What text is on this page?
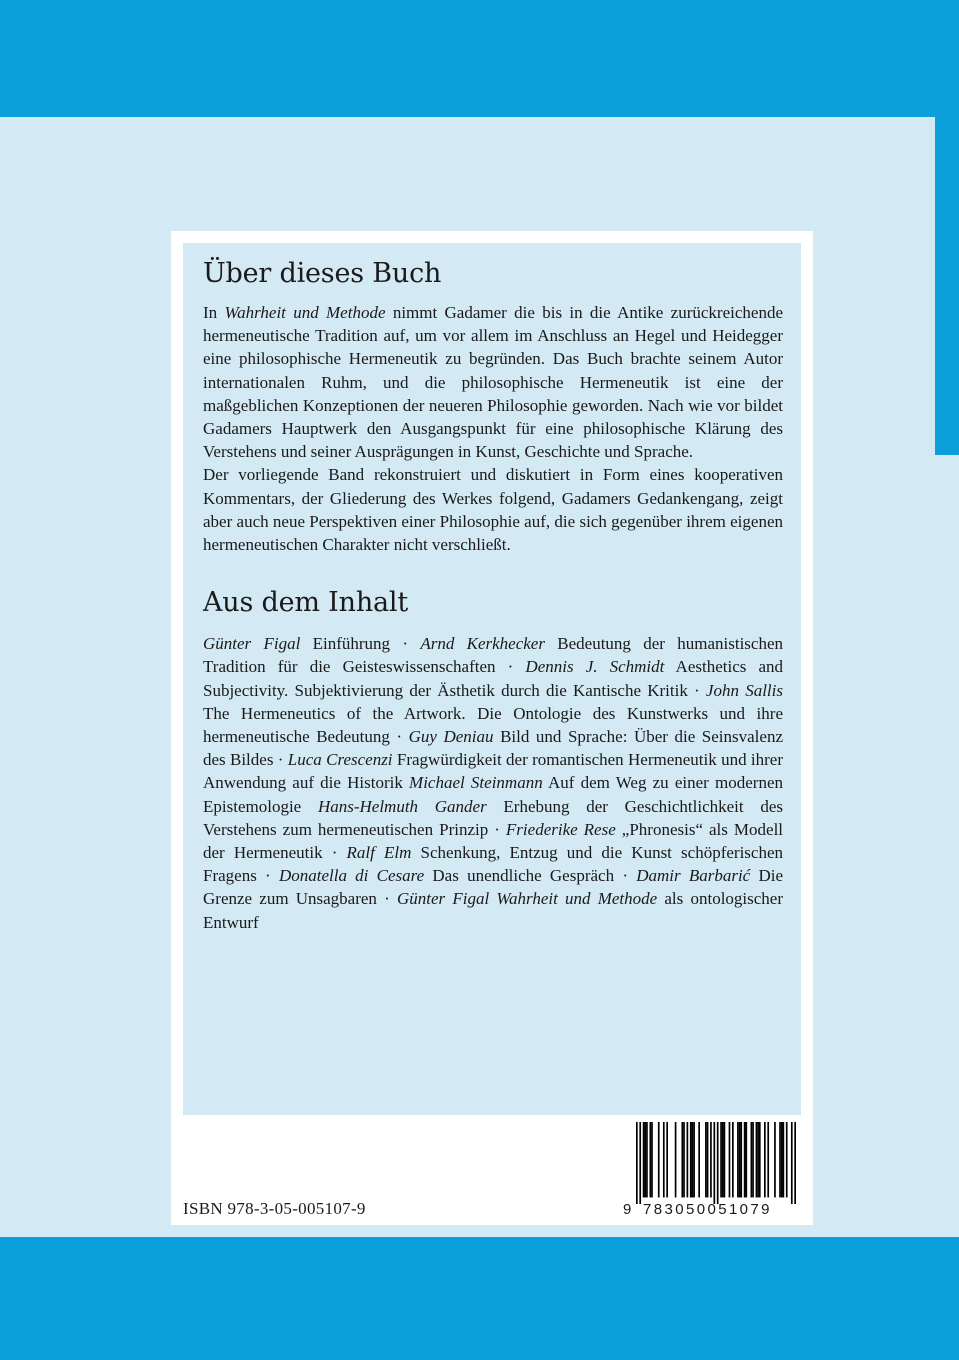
Über dieses Buch

In Wahrheit und Methode nimmt Gadamer die bis in die Antike zurückreichende hermeneutische Tradition auf, um vor allem im Anschluss an Hegel und Heidegger eine philosophische Hermeneutik zu begründen. Das Buch brachte seinem Autor internationalen Ruhm, und die philosophische Hermeneutik ist eine der maßgeblichen Konzeptionen der neueren Philosophie geworden. Nach wie vor bildet Gadamers Hauptwerk den Ausgangspunkt für eine philosophische Klärung des Verstehens und seiner Ausprägungen in Kunst, Geschichte und Sprache.

Der vorliegende Band rekonstruiert und diskutiert in Form eines kooperativen Kommentars, der Gliederung des Werkes folgend, Gadamers Gedankengang, zeigt aber auch neue Perspektiven einer Philosophie auf, die sich gegenüber ihrem eigenen hermeneutischen Charakter nicht verschließt.

Aus dem Inhalt

Günter Figal Einführung · Arnd Kerkhecker Bedeutung der humanistischen Tradition für die Geisteswissenschaften · Dennis J. Schmidt Aesthetics and Subjectivity. Subjektivierung der Ästhetik durch die Kantische Kritik · John Sallis The Hermeneutics of the Artwork. Die Ontologie des Kunstwerks und ihre hermeneutische Bedeutung · Guy Deniau Bild und Sprache: Über die Seinsvalenz des Bildes · Luca Crescenzi Fragwürdigkeit der romantischen Hermeneutik und ihrer Anwendung auf die Historik Michael Steinmann Auf dem Weg zu einer modernen Epistemologie Hans-Helmuth Gander Erhebung der Geschichtlichkeit des Verstehens zum hermeneutischen Prinzip · Friederike Rese „Phronesis“ als Modell der Hermeneutik · Ralf Elm Schenkung, Entzug und die Kunst schöpferischen Fragens · Donatella di Cesare Das unendliche Gespräch · Damir Barbarić Die Grenze zum Unsagbaren · Günter Figal Wahrheit und Methode als ontologischer Entwurf

ISBN 978-3-05-005107-9	9 783050051079
